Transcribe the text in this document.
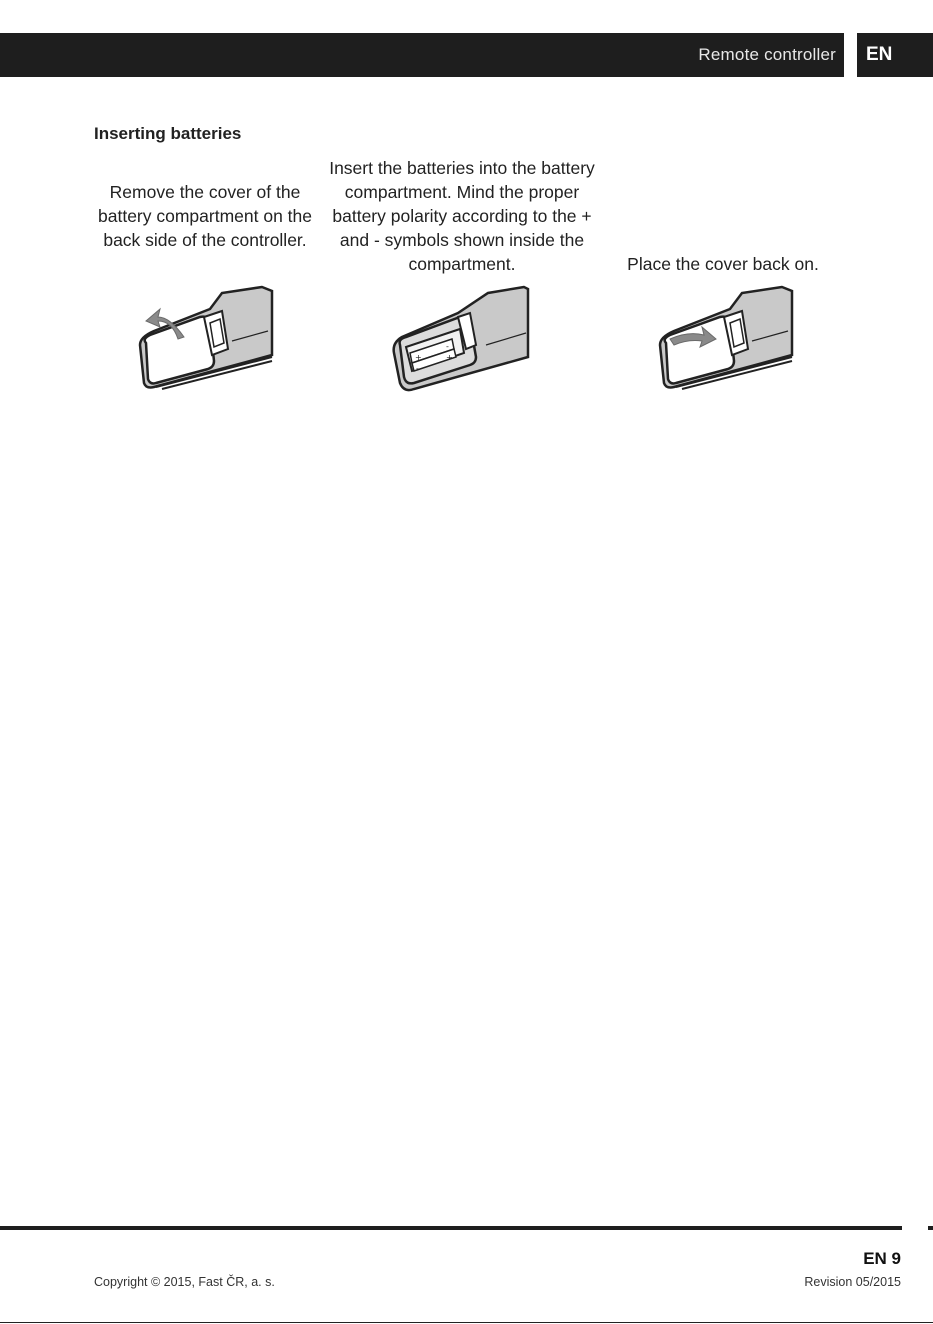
Remote controller EN
Inserting batteries
Remove the cover of the battery compartment on the back side of the controller.
Insert the batteries into the battery compartment. Mind the proper battery polarity according to the + and - symbols shown inside the compartment.	Place the cover back on.
+
-
-
+
EN 9
Copyright © 2015, Fast ČR, a. s.	Revision 05/2015
